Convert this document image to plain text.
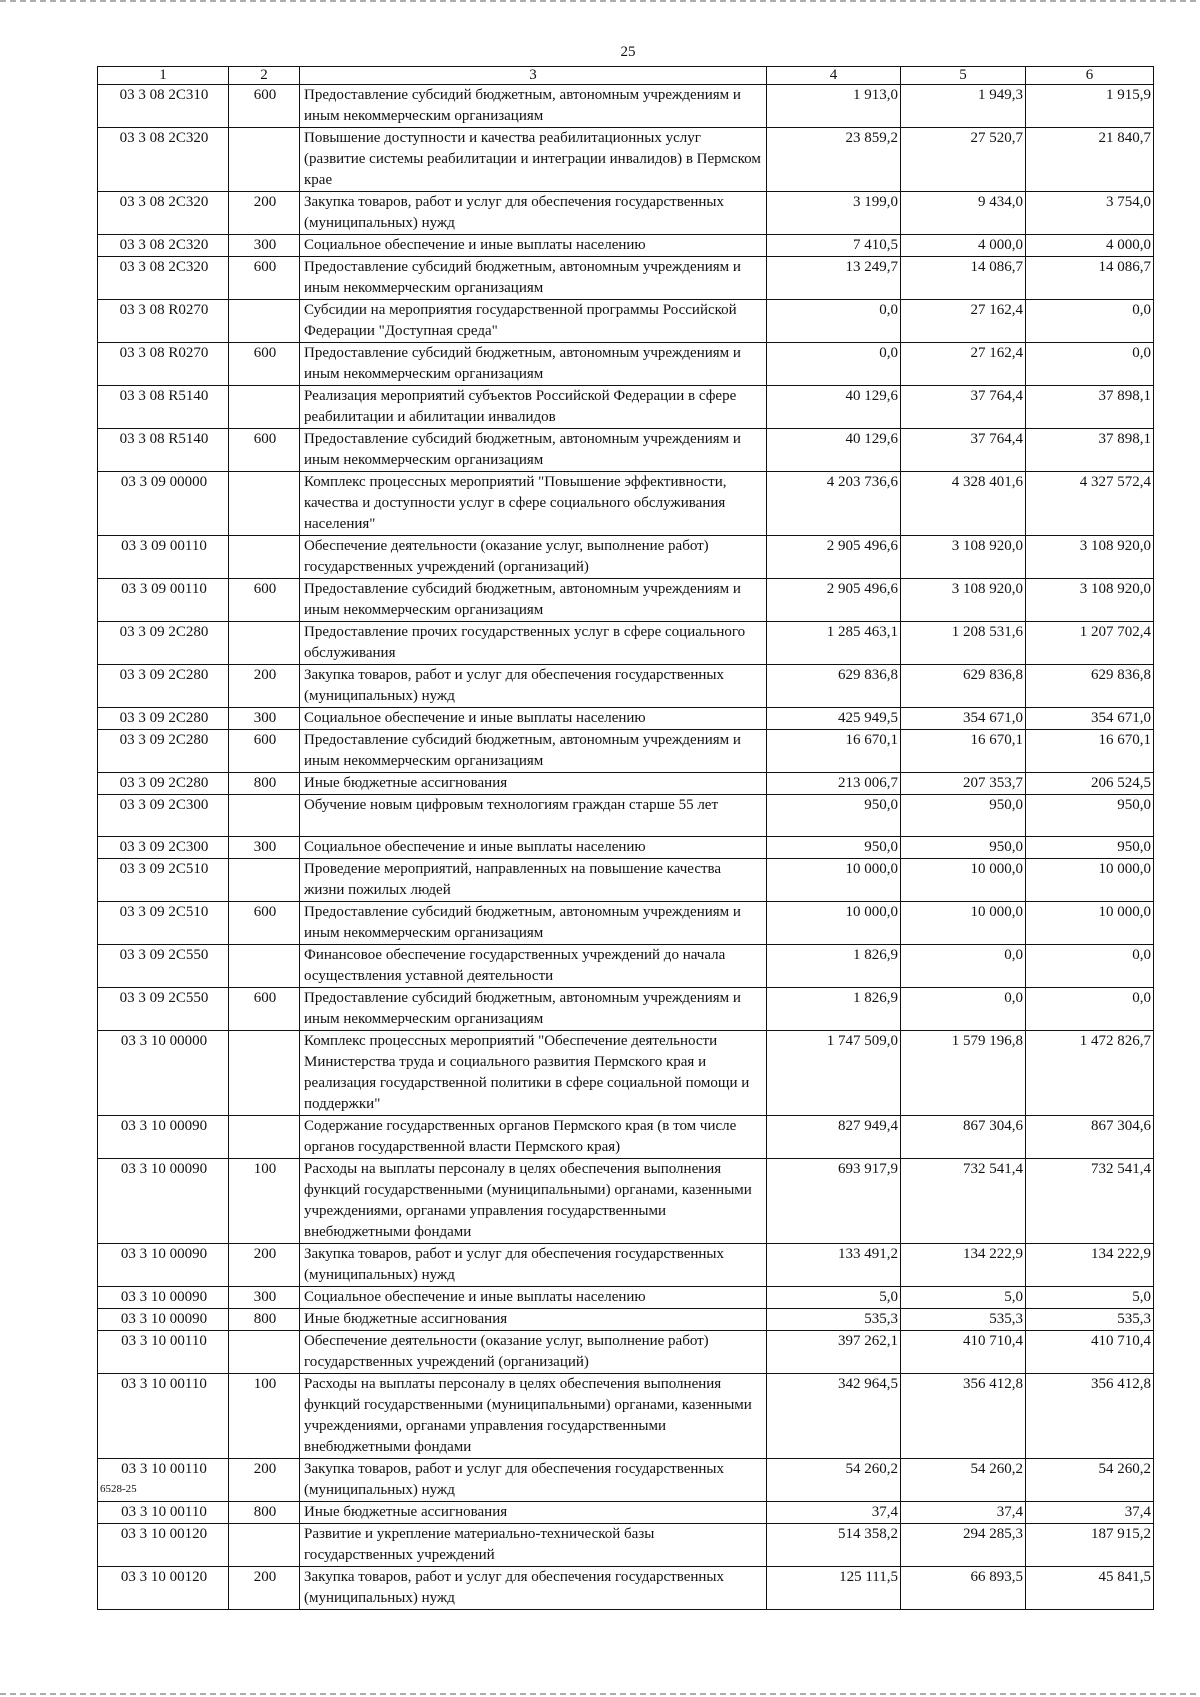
25
1	2	3	4	5	6
03 3 08 2C310	600	Предоставление субсидий бюджетным, автономным учреждениям и иным некоммерческим организациям	1 913,0	1 949,3	1 915,9
03 3 08 2C320		Повышение доступности и качества реабилитационных услуг (развитие системы реабилитации и интеграции инвалидов) в Пермском крае	23 859,2	27 520,7	21 840,7
03 3 08 2C320	200	Закупка товаров, работ и услуг для обеспечения государственных (муниципальных) нужд	3 199,0	9 434,0	3 754,0
03 3 08 2C320	300	Социальное обеспечение и иные выплаты населению	7 410,5	4 000,0	4 000,0
03 3 08 2C320	600	Предоставление субсидий бюджетным, автономным учреждениям и иным некоммерческим организациям	13 249,7	14 086,7	14 086,7
03 3 08 R0270		Субсидии на мероприятия государственной программы Российской Федерации "Доступная среда"	0,0	27 162,4	0,0
03 3 08 R0270	600	Предоставление субсидий бюджетным, автономным учреждениям и иным некоммерческим организациям	0,0	27 162,4	0,0
03 3 08 R5140		Реализация мероприятий субъектов Российской Федерации в сфере реабилитации и абилитации инвалидов	40 129,6	37 764,4	37 898,1
03 3 08 R5140	600	Предоставление субсидий бюджетным, автономным учреждениям и иным некоммерческим организациям	40 129,6	37 764,4	37 898,1
03 3 09 00000		Комплекс процессных мероприятий "Повышение эффективности, качества и доступности услуг в сфере социального обслуживания населения"	4 203 736,6	4 328 401,6	4 327 572,4
03 3 09 00110		Обеспечение деятельности (оказание услуг, выполнение работ) государственных учреждений (организаций)	2 905 496,6	3 108 920,0	3 108 920,0
03 3 09 00110	600	Предоставление субсидий бюджетным, автономным учреждениям и иным некоммерческим организациям	2 905 496,6	3 108 920,0	3 108 920,0
03 3 09 2C280		Предоставление прочих государственных услуг в сфере социального обслуживания	1 285 463,1	1 208 531,6	1 207 702,4
03 3 09 2C280	200	Закупка товаров, работ и услуг для обеспечения государственных (муниципальных) нужд	629 836,8	629 836,8	629 836,8
03 3 09 2C280	300	Социальное обеспечение и иные выплаты населению	425 949,5	354 671,0	354 671,0
03 3 09 2C280	600	Предоставление субсидий бюджетным, автономным учреждениям и иным некоммерческим организациям	16 670,1	16 670,1	16 670,1
03 3 09 2C280	800	Иные бюджетные ассигнования	213 006,7	207 353,7	206 524,5
03 3 09 2C300		Обучение новым цифровым технологиям граждан старше 55 лет	950,0	950,0	950,0
03 3 09 2C300	300	Социальное обеспечение и иные выплаты населению	950,0	950,0	950,0
03 3 09 2C510		Проведение мероприятий, направленных на повышение качества жизни пожилых людей	10 000,0	10 000,0	10 000,0
03 3 09 2C510	600	Предоставление субсидий бюджетным, автономным учреждениям и иным некоммерческим организациям	10 000,0	10 000,0	10 000,0
03 3 09 2C550		Финансовое обеспечение государственных учреждений до начала осуществления уставной деятельности	1 826,9	0,0	0,0
03 3 09 2C550	600	Предоставление субсидий бюджетным, автономным учреждениям и иным некоммерческим организациям	1 826,9	0,0	0,0
03 3 10 00000		Комплекс процессных мероприятий "Обеспечение деятельности Министерства труда и социального развития Пермского края и реализация государственной политики в сфере социальной помощи и поддержки"	1 747 509,0	1 579 196,8	1 472 826,7
03 3 10 00090		Содержание государственных органов Пермского края (в том числе органов государственной власти Пермского края)	827 949,4	867 304,6	867 304,6
03 3 10 00090	100	Расходы на выплаты персоналу в целях обеспечения выполнения функций государственными (муниципальными) органами, казенными учреждениями, органами управления государственными внебюджетными фондами	693 917,9	732 541,4	732 541,4
03 3 10 00090	200	Закупка товаров, работ и услуг для обеспечения государственных (муниципальных) нужд	133 491,2	134 222,9	134 222,9
03 3 10 00090	300	Социальное обеспечение и иные выплаты населению	5,0	5,0	5,0
03 3 10 00090	800	Иные бюджетные ассигнования	535,3	535,3	535,3
03 3 10 00110		Обеспечение деятельности (оказание услуг, выполнение работ) государственных учреждений (организаций)	397 262,1	410 710,4	410 710,4
03 3 10 00110	100	Расходы на выплаты персоналу в целях обеспечения выполнения функций государственными (муниципальными) органами, казенными учреждениями, органами управления государственными внебюджетными фондами	342 964,5	356 412,8	356 412,8
03 3 10 00110	200	Закупка товаров, работ и услуг для обеспечения государственных (муниципальных) нужд	54 260,2	54 260,2	54 260,2
03 3 10 00110	800	Иные бюджетные ассигнования	37,4	37,4	37,4
03 3 10 00120		Развитие и укрепление материально-технической базы государственных учреждений	514 358,2	294 285,3	187 915,2
03 3 10 00120	200	Закупка товаров, работ и услуг для обеспечения государственных (муниципальных) нужд	125 111,5	66 893,5	45 841,5
6528-25
